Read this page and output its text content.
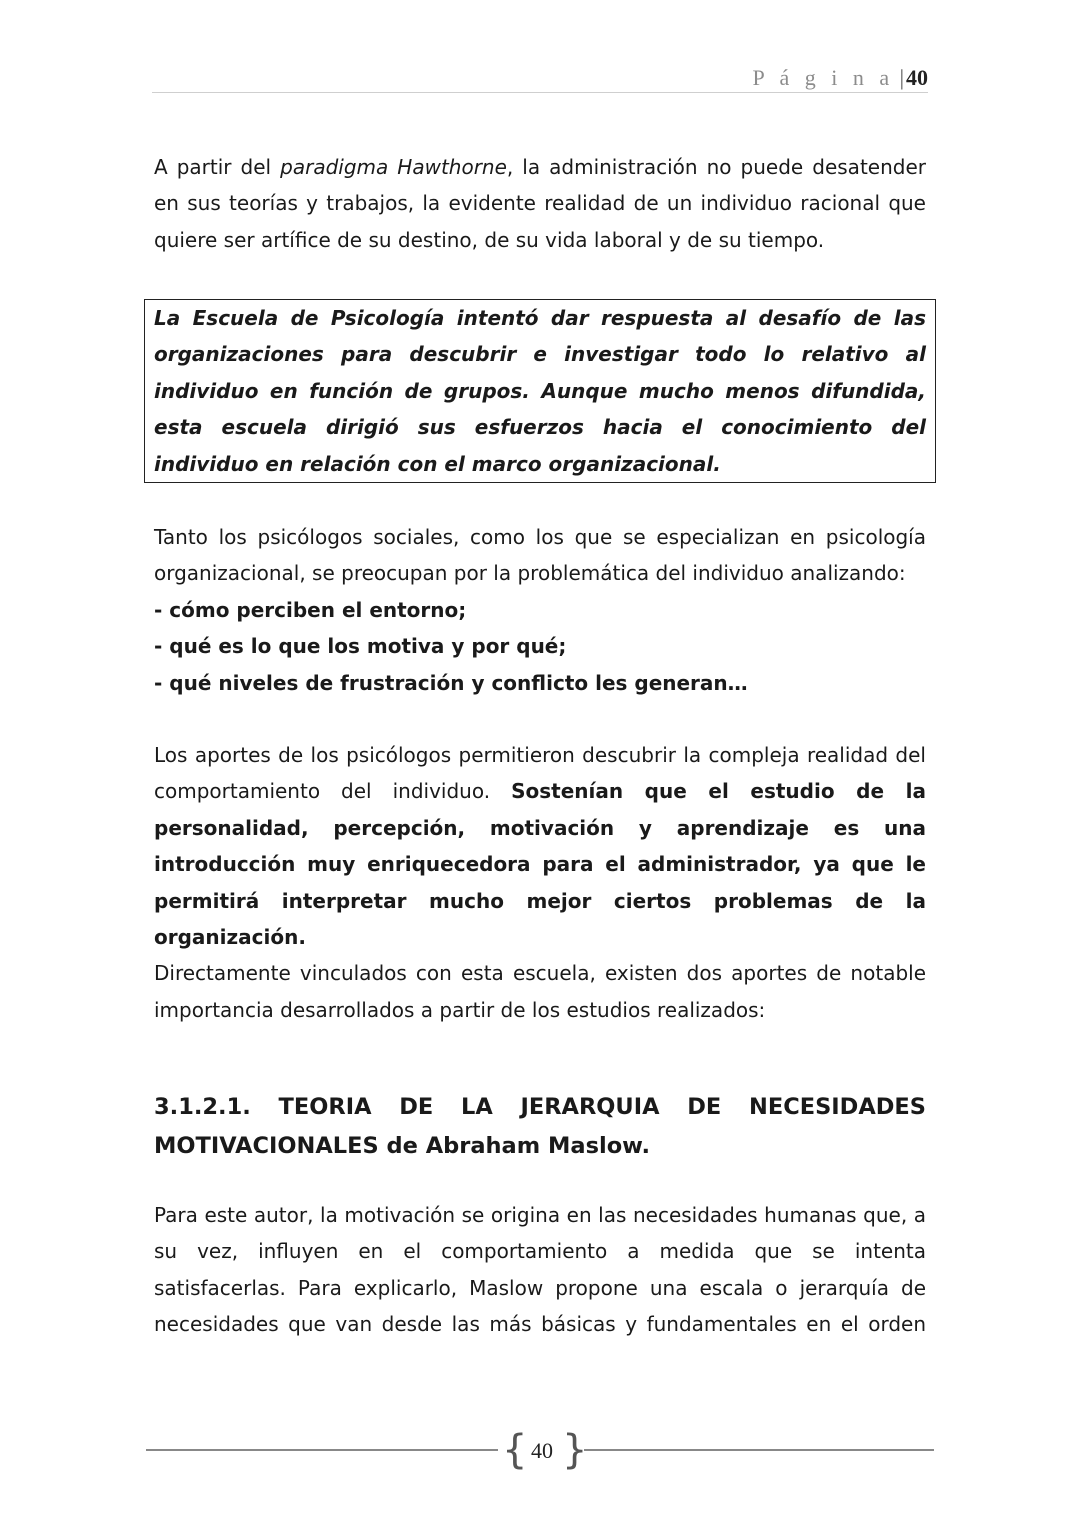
P á g i n a |40

A partir del paradigma Hawthorne, la administración no puede desatender en sus teorías y trabajos, la evidente realidad de un individuo racional que quiere ser artífice de su destino, de su vida laboral y de su tiempo.

La Escuela de Psicología intentó dar respuesta al desafío de las organizaciones para descubrir e investigar todo lo relativo al individuo en función de grupos. Aunque mucho menos difundida, esta escuela dirigió sus esfuerzos hacia el conocimiento del individuo en relación con el marco organizacional.

Tanto los psicólogos sociales, como los que se especializan en psicología organizacional, se preocupan por la problemática del individuo analizando:

- cómo perciben el entorno;

- qué es lo que los motiva y por qué;

- qué niveles de frustración y conflicto les generan…

Los aportes de los psicólogos permitieron descubrir la compleja realidad del comportamiento del individuo. Sostenían que el estudio de la personalidad, percepción, motivación y aprendizaje es una introducción muy enriquecedora para el administrador, ya que le permitirá interpretar mucho mejor ciertos problemas de la organización.

Directamente vinculados con esta escuela, existen dos aportes de notable importancia desarrollados a partir de los estudios realizados:

3.1.2.1. TEORIA DE LA JERARQUIA DE NECESIDADES MOTIVACIONALES de Abraham Maslow.

Para este autor, la motivación se origina en las necesidades humanas que, a su vez, influyen en el comportamiento a medida que se intenta satisfacerlas. Para explicarlo, Maslow propone una escala o jerarquía de necesidades que van desde las más básicas y fundamentales en el orden

{ 40 }
